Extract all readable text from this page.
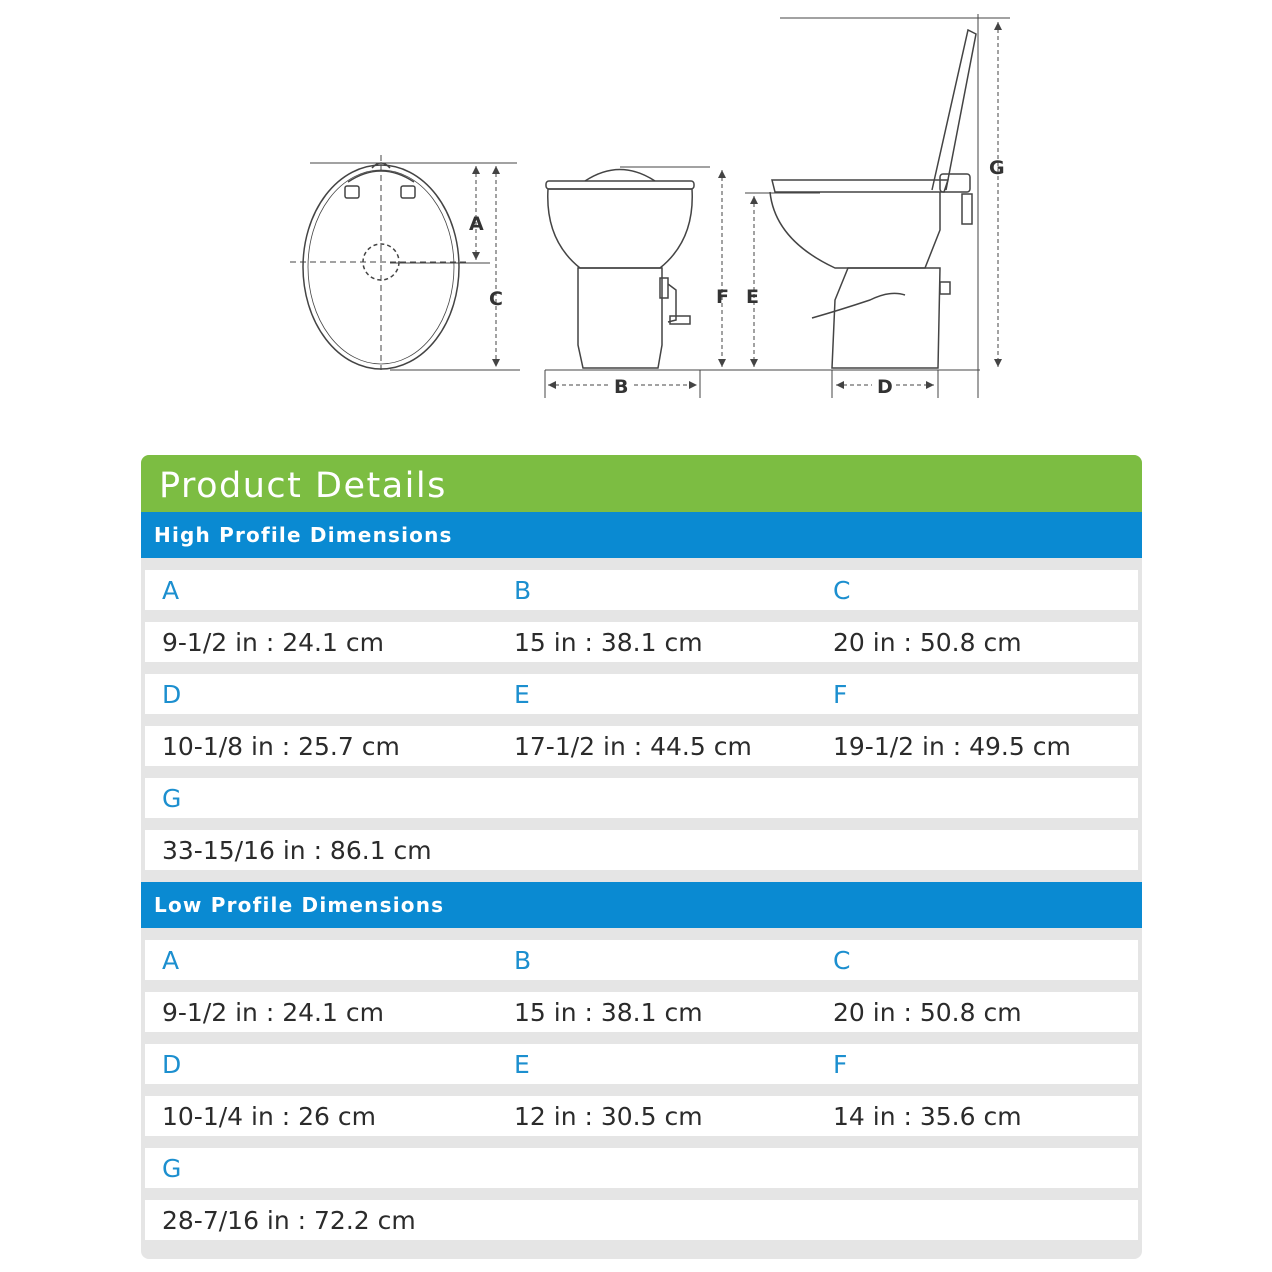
A
C
B
F E
D
G
Product Details
High Profile Dimensions
A	B	C
9-1/2 in : 24.1 cm	15 in : 38.1 cm	20 in : 50.8 cm
D	E	F
10-1/8 in : 25.7 cm	17-1/2 in : 44.5 cm	19-1/2 in : 49.5 cm
G
33-15/16 in : 86.1 cm
Low Profile Dimensions
A	B	C
9-1/2 in : 24.1 cm	15 in : 38.1 cm	20 in : 50.8 cm
D	E	F
10-1/4 in : 26 cm	12 in : 30.5 cm	14 in : 35.6 cm
G
28-7/16 in : 72.2 cm
